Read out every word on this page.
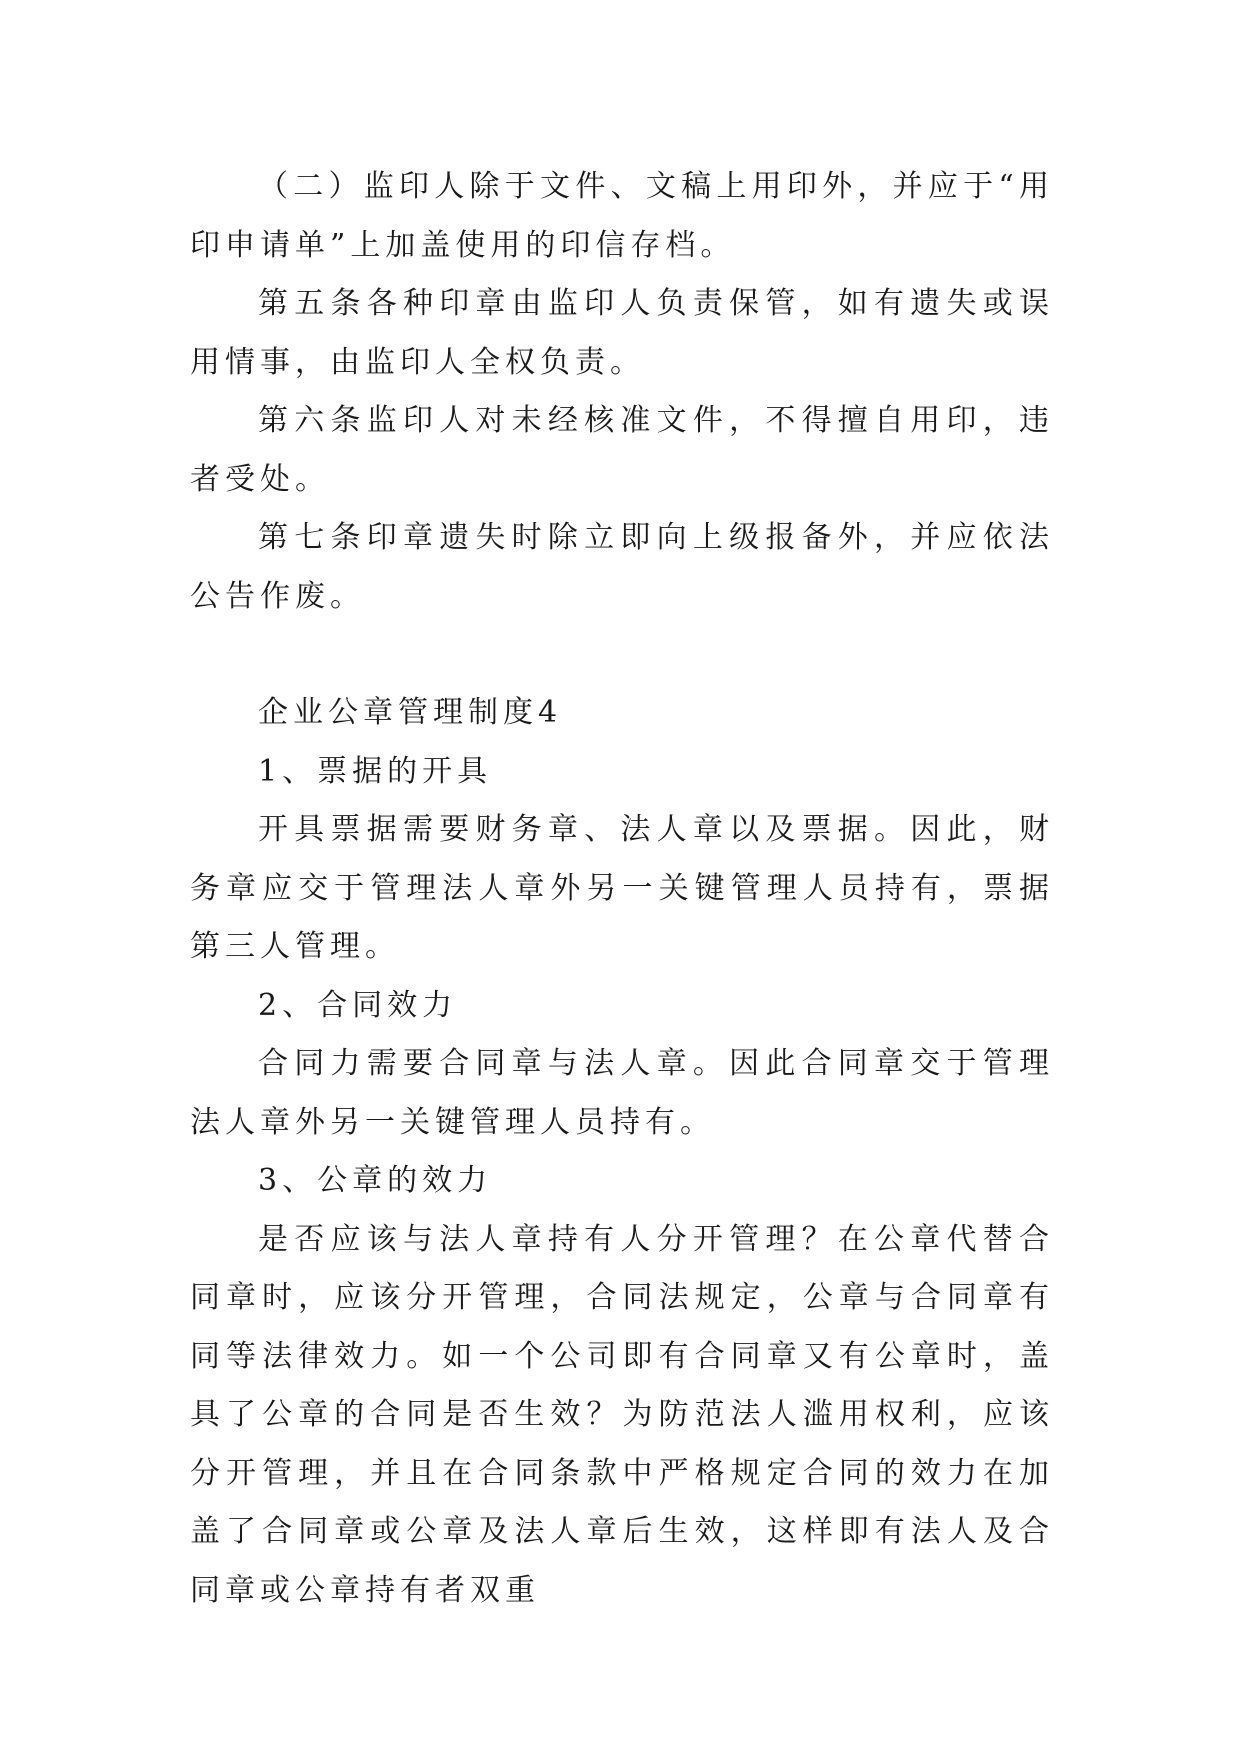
（二）监印人除于文件、文稿上用印外，并应于“用印申请单”上加盖使用的印信存档。

第五条各种印章由监印人负责保管，如有遗失或误用情事，由监印人全权负责。

第六条监印人对未经核准文件，不得擅自用印，违者受处。

第七条印章遗失时除立即向上级报备外，并应依法公告作废。

企业公章管理制度4

1、票据的开具

开具票据需要财务章、法人章以及票据。因此，财务章应交于管理法人章外另一关键管理人员持有，票据第三人管理。

2、合同效力

合同力需要合同章与法人章。因此合同章交于管理法人章外另一关键管理人员持有。

3、公章的效力

是否应该与法人章持有人分开管理？在公章代替合同章时，应该分开管理，合同法规定，公章与合同章有同等法律效力。如一个公司即有合同章又有公章时，盖具了公章的合同是否生效？为防范法人滥用权利，应该分开管理，并且在合同条款中严格规定合同的效力在加盖了合同章或公章及法人章后生效，这样即有法人及合同章或公章持有者双重
